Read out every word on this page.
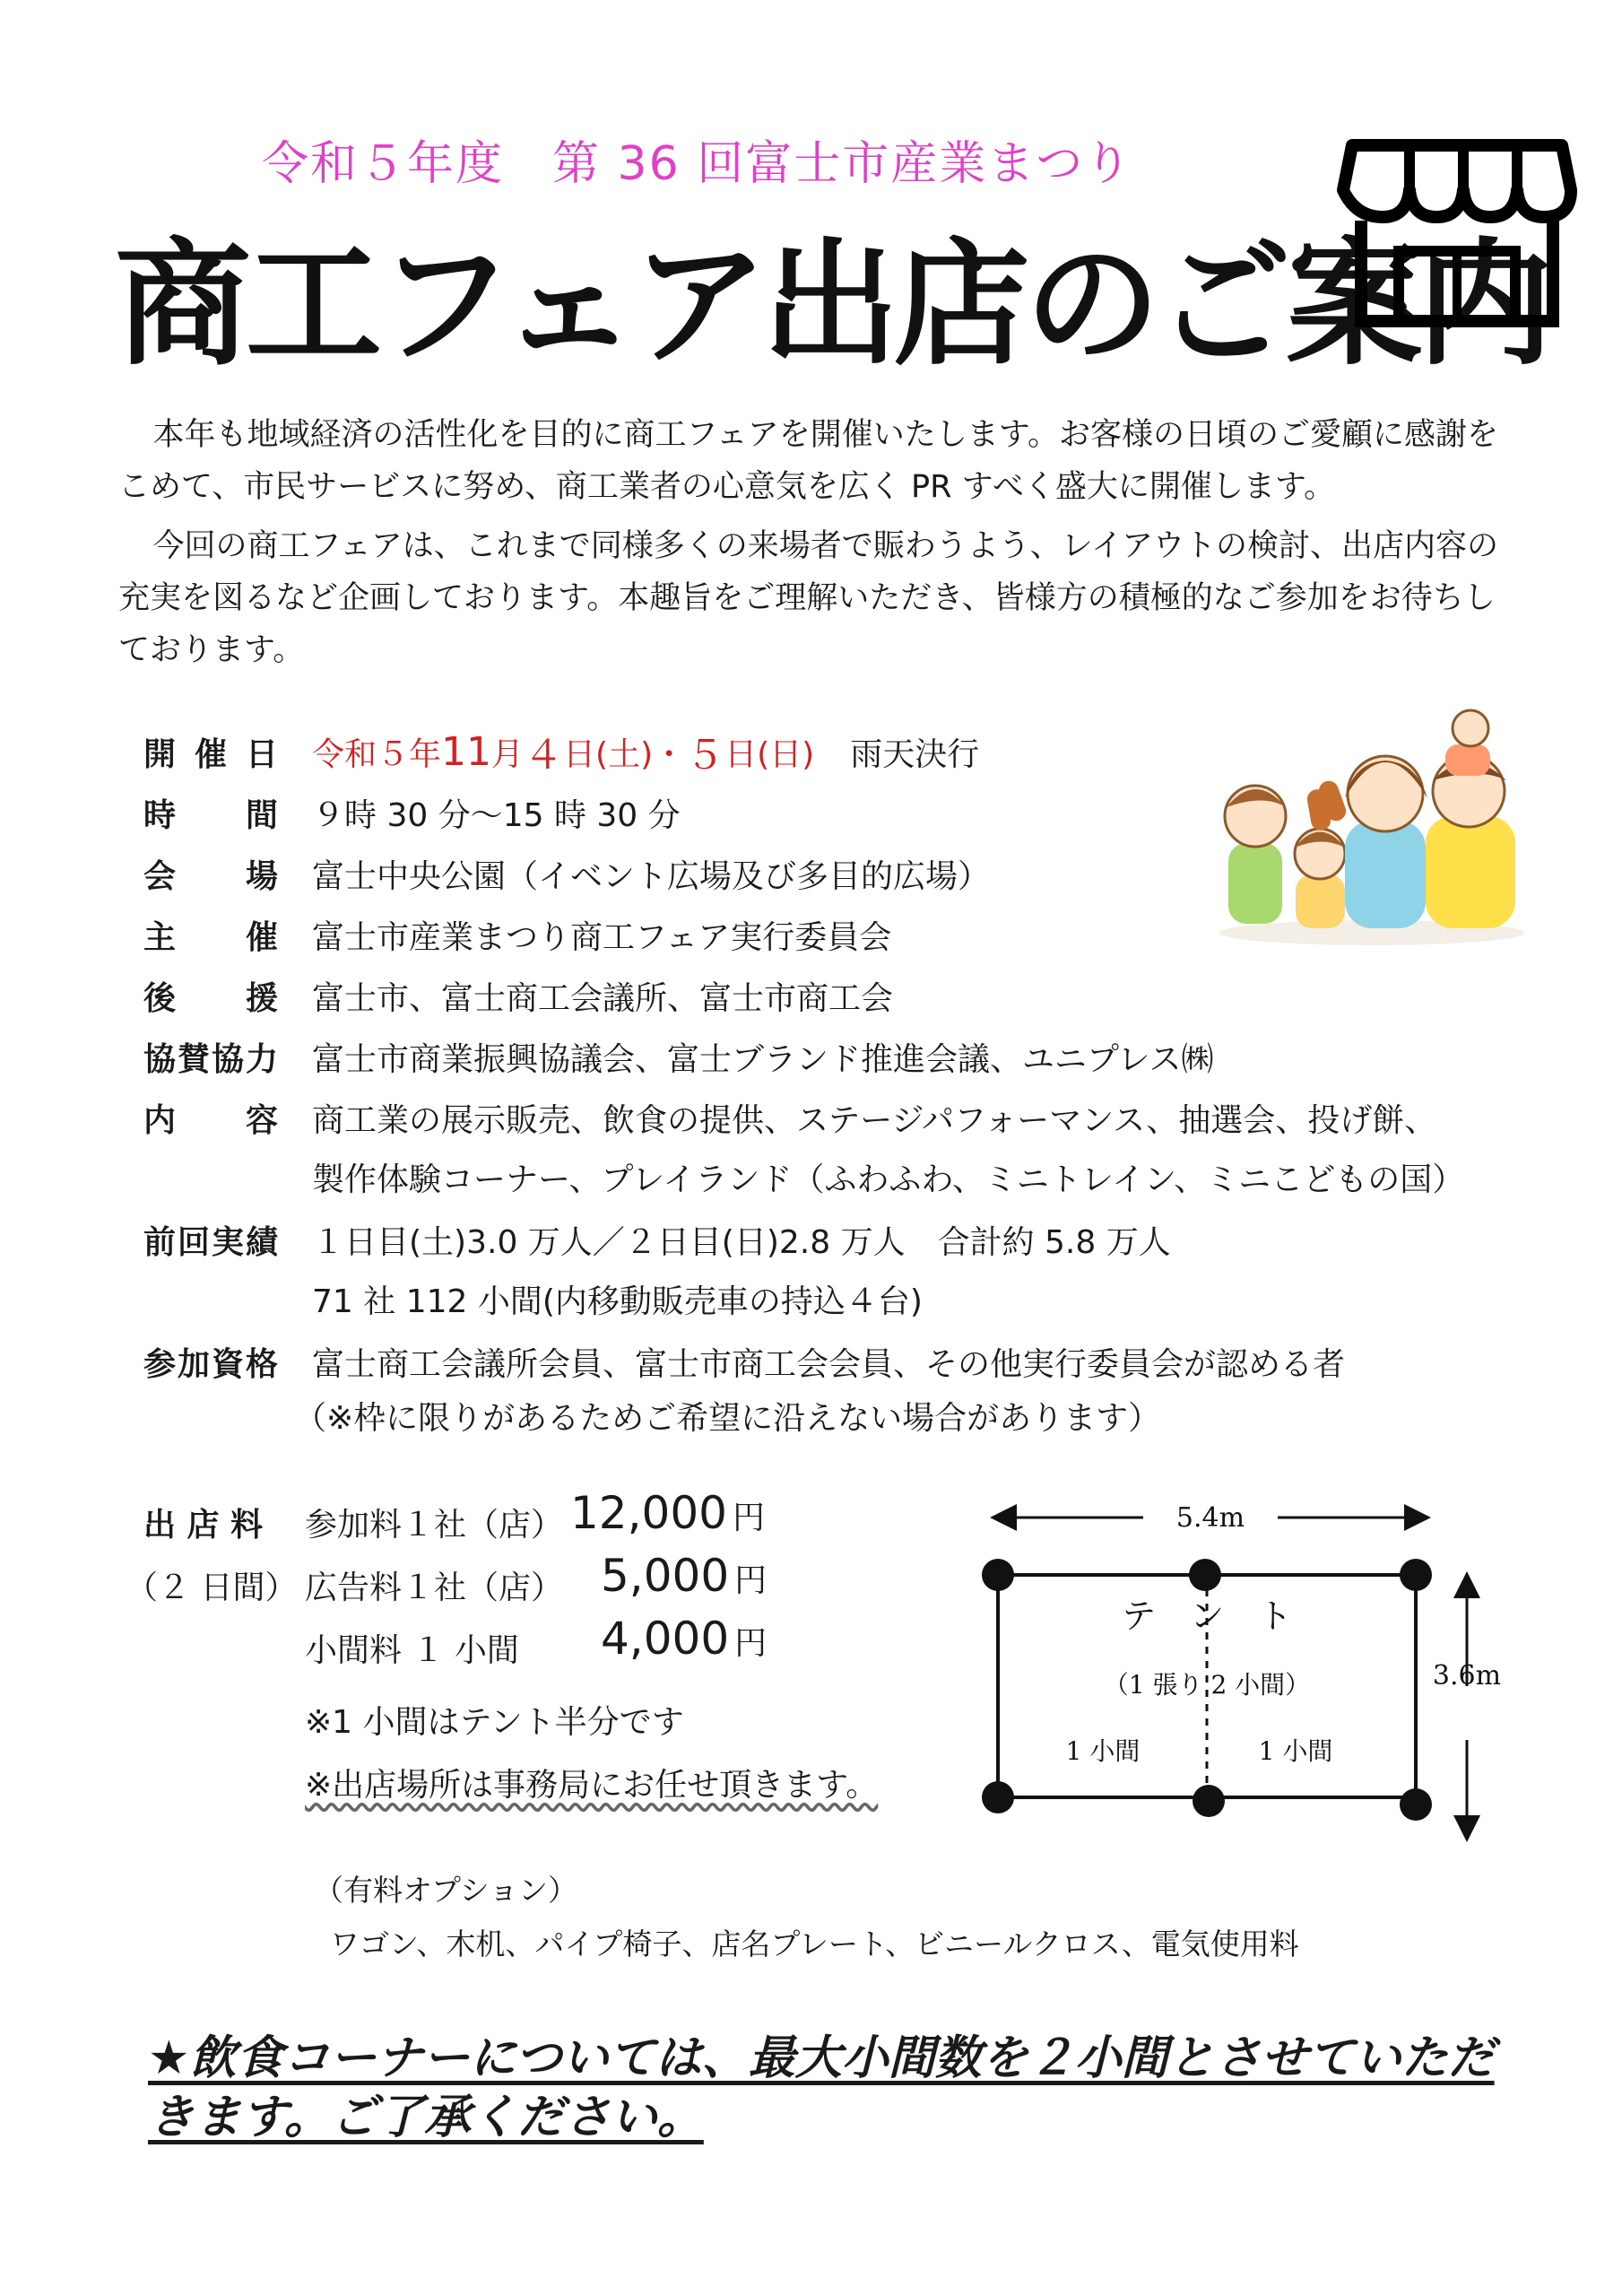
令和５年度　第 36 回富士市産業まつり
商工フェア出店のご案内

本年も地域経済の活性化を目的に商工フェアを開催いたします。お客様の日頃のご愛顧に感謝をこめて、市民サービスに努め、商工業者の心意気を広く PR すべく盛大に開催します。

今回の商工フェアは、これまで同様多くの来場者で賑わうよう、レイアウトの検討、出店内容の充実を図るなど企画しております。本趣旨をご理解いただき、皆様方の積極的なご参加をお待ちしております。

開催日 令和５年 11 月 ４ 日(土)・ ５ 日(日) 雨天決行
時間 ９時 30 分～15 時 30 分
会場 富士中央公園（イベント広場及び多目的広場）
主催 富士市産業まつり商工フェア実行委員会
後援 富士市、富士商工会議所、富士市商工会
協賛協力 富士市商業振興協議会、富士ブランド推進会議、ユニプレス㈱
内容 商工業の展示販売、飲食の提供、ステージパフォーマンス、抽選会、投げ餅、
製作体験コーナー、プレイランド（ふわふわ、ミニトレイン、ミニこどもの国）
前回実績 １日目(土)3.0 万人／２日目(日)2.8 万人　合計約 5.8 万人
71 社 112 小間(内移動販売車の持込４台)
参加資格 富士商工会議所会員、富士市商工会会員、その他実行委員会が認める者
（※枠に限りがあるためご希望に沿えない場合があります）
出 店 料
（２ 日間）
参加料１社（店） 12,000 円
広告料１社（店） 5,000 円
小間料 １ 小間 4,000 円
※1 小間はテント半分です
※出店場所は事務局にお任せ頂きます。
5.4m
3.6m
テ　ン　ト
（1 張り 2 小間）
1 小間	1 小間
（有料オプション）
ワゴン、木机、パイプ椅子、店名プレート、ビニールクロス、電気使用料

★飲食コーナーについては、最大小間数を２小間とさせていただきます。ご了承ください。
